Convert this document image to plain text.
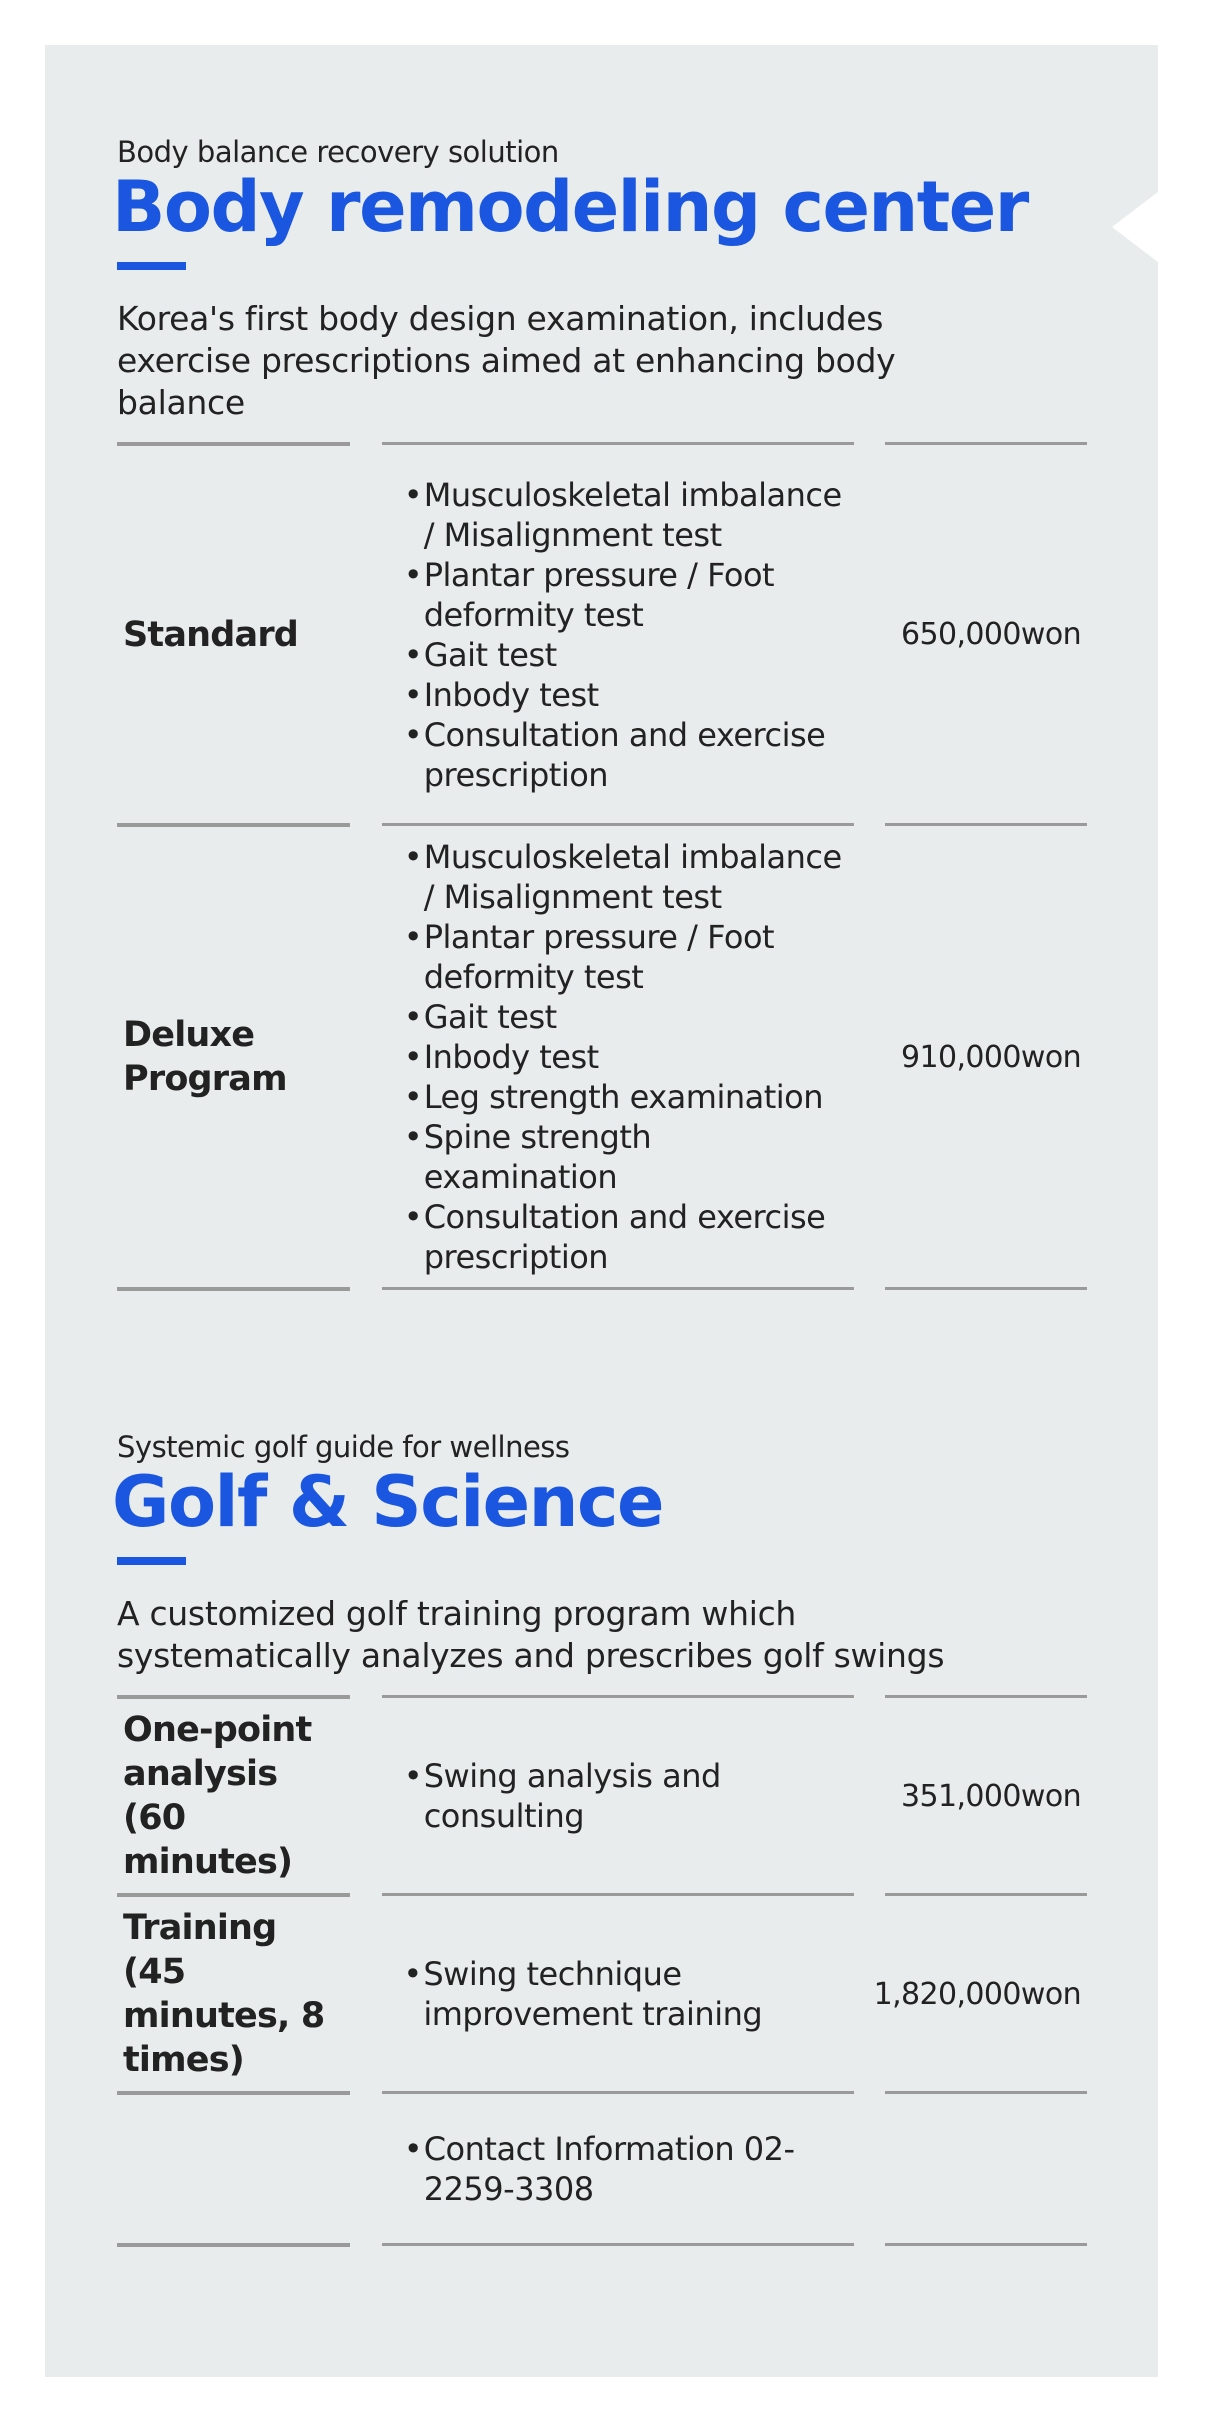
Body balance recovery solution
Body remodeling center
Korea's first body design examination, includes exercise prescriptions aimed at enhancing body balance
Standard
• Musculoskeletal imbalance / Misalignment test
• Plantar pressure / Foot deformity test
• Gait test
• Inbody test
• Consultation and exercise prescription
650,000won
Deluxe Program
• Musculoskeletal imbalance / Misalignment test
• Plantar pressure / Foot deformity test
• Gait test
• Inbody test
• Leg strength examination
• Spine strength examination
• Consultation and exercise prescription
910,000won
Systemic golf guide for wellness
Golf & Science
A customized golf training program which systematically analyzes and prescribes golf swings
One-point analysis (60 minutes)
• Swing analysis and consulting
351,000won
Training (45 minutes, 8 times)
• Swing technique improvement training
1,820,000won
• Contact Information 02-2259-3308
